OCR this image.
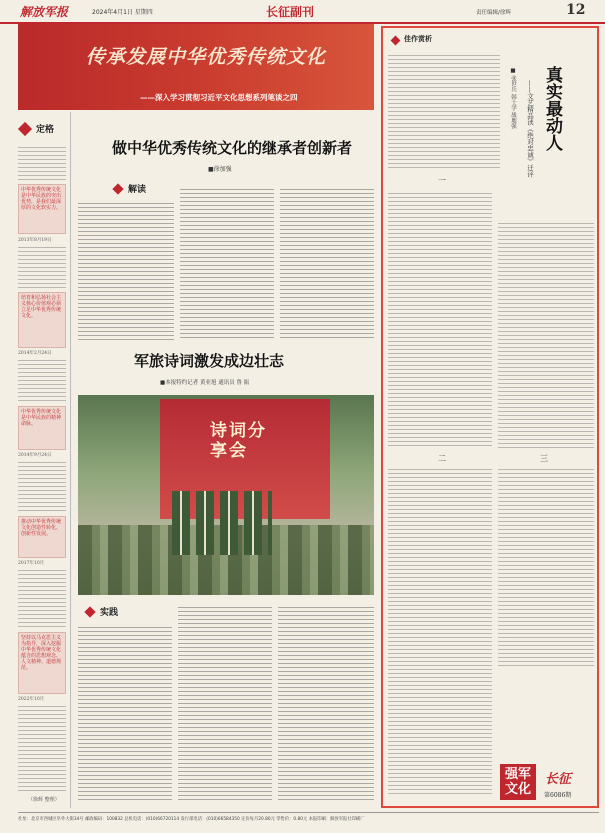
解放军报	2024年4月1日 星期四	长征副刊	责任编辑/徐辉	12
传承发展中华优秀传统文化
——深入学习贯彻习近平文化思想系列笔谈之四
定格
中华优秀传统文化是中华民族的突出优势，是我们最深厚的文化软实力。
2013年8月19日
培育和弘扬社会主义核心价值观必须立足中华优秀传统文化。
2014年2月24日
中华优秀传统文化是中华民族的精神命脉。
2014年9月24日
推动中华优秀传统文化创造性转化、创新性发展。
2017年10月
坚持以马克思主义为指导，深入挖掘中华优秀传统文化蕴含的思想观念、人文精神、道德规范。
2022年10月
（徐辉 整理）
做中华优秀传统文化的继承者创新者
■徐加强
解读
军旅诗词激发成边壮志
■本报特约记者 黄亚旭 通讯员 鲁 振
诗词分享会
实践
佳作赏析
真实最动人
——文艺精品读《绝对忠诚》迁评
■ 张世兵 韩士学 战地强
一
二	三
强军文化
长征
第6086期
社址：北京市西城区阜外大街34号 邮政编码：100832 总机电话：(010)66720114 发行部电话：(010)66584350 定价每月20.80元 零售价：0.80元 本报印刷：解放军报社印刷厂
